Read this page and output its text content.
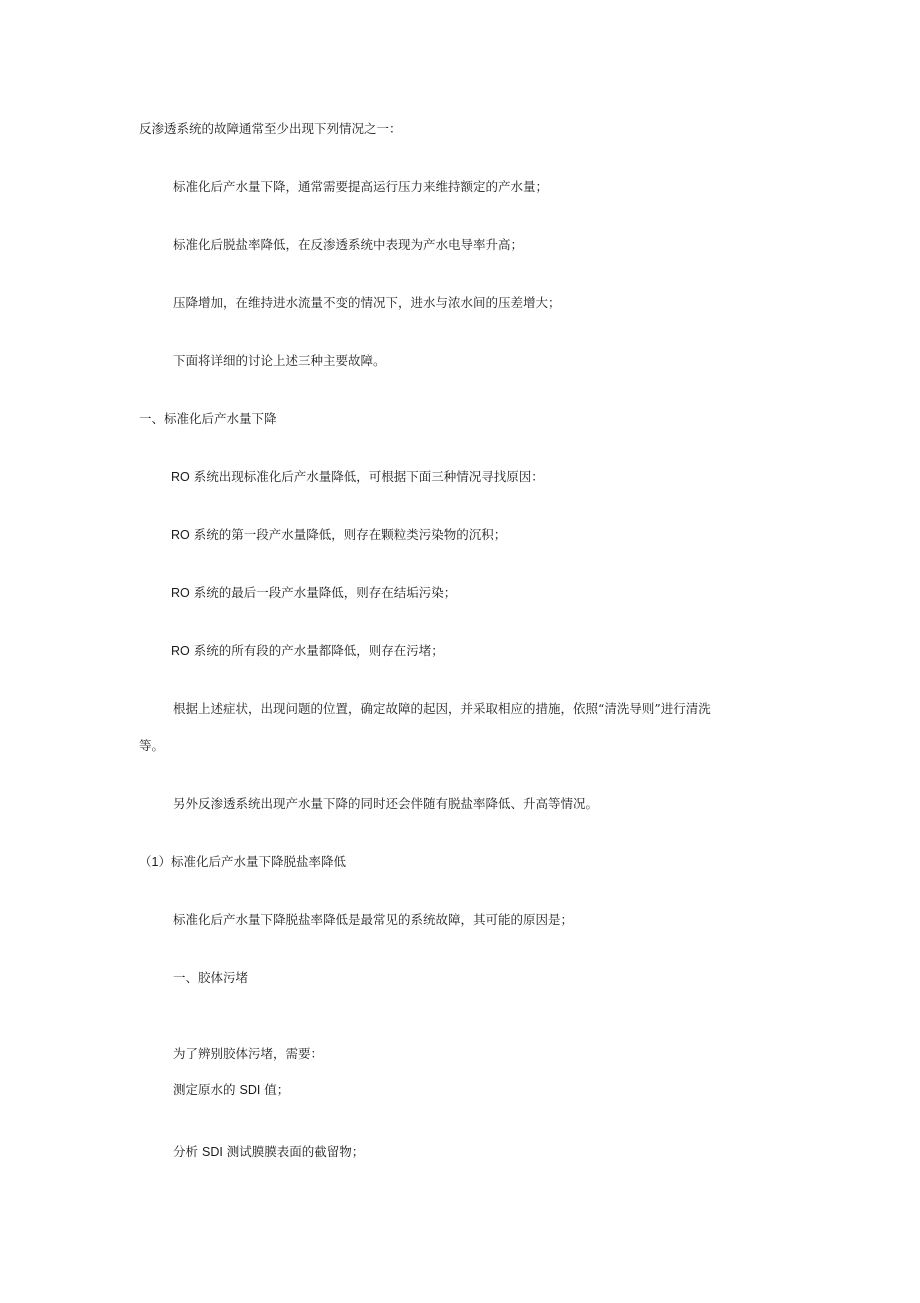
反渗透系统的故障通常至少出现下列情况之一：
标准化后产水量下降，通常需要提高运行压力来维持额定的产水量；
标准化后脱盐率降低，在反渗透系统中表现为产水电导率升高；
压降增加，在维持进水流量不变的情况下，进水与浓水间的压差增大；
下面将详细的讨论上述三种主要故障。
一、标准化后产水量下降
RO 系统出现标准化后产水量降低，可根据下面三种情况寻找原因：
RO 系统的第一段产水量降低，则存在颗粒类污染物的沉积；
RO 系统的最后一段产水量降低，则存在结垢污染；
RO 系统的所有段的产水量都降低，则存在污堵；
根据上述症状，出现问题的位置，确定故障的起因，并采取相应的措施，依照“清洗导则”进行清洗
等。
另外反渗透系统出现产水量下降的同时还会伴随有脱盐率降低、升高等情况。
（1）标准化后产水量下降脱盐率降低
标准化后产水量下降脱盐率降低是最常见的系统故障，其可能的原因是；
一、胶体污堵
为了辨别胶体污堵，需要：
测定原水的 SDI 值；
分析 SDI 测试膜膜表面的截留物；
